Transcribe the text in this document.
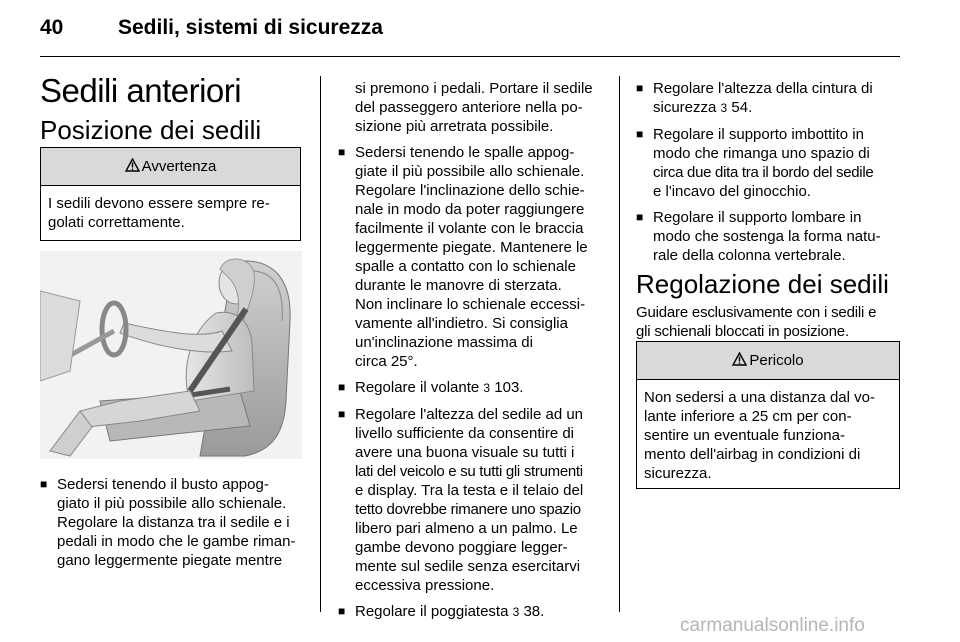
40	Sedili, sistemi di sicurezza
Sedili anteriori
Posizione dei sedili
Avvertenza
I sedili devono essere sempre re-
golati correttamente.
■ Sedersi tenendo il busto appog-
giato il più possibile allo schienale.
Regolare la distanza tra il sedile e i
pedali in modo che le gambe riman-
gano leggermente piegate mentre
si premono i pedali. Portare il sedile
del passeggero anteriore nella po-
sizione più arretrata possibile.
■ Sedersi tenendo le spalle appog-
giate il più possibile allo schienale.
Regolare l'inclinazione dello schie-
nale in modo da poter raggiungere
facilmente il volante con le braccia
leggermente piegate. Mantenere le
spalle a contatto con lo schienale
durante le manovre di sterzata.
Non inclinare lo schienale eccessi-
vamente all'indietro. Si consiglia
un'inclinazione massima di
circa 25°.
■ Regolare il volante 3 103.
■ Regolare l'altezza del sedile ad un
livello sufficiente da consentire di
avere una buona visuale su tutti i
lati del veicolo e su tutti gli strumenti
e display. Tra la testa e il telaio del
tetto dovrebbe rimanere uno spazio
libero pari almeno a un palmo. Le
gambe devono poggiare legger-
mente sul sedile senza esercitarvi
eccessiva pressione.
■ Regolare il poggiatesta 3 38.
■ Regolare l'altezza della cintura di
sicurezza 3 54.
■ Regolare il supporto imbottito in
modo che rimanga uno spazio di
circa due dita tra il bordo del sedile
e l'incavo del ginocchio.
■ Regolare il supporto lombare in
modo che sostenga la forma natu-
rale della colonna vertebrale.
Regolazione dei sedili
Guidare esclusivamente con i sedili e
gli schienali bloccati in posizione.
Pericolo
Non sedersi a una distanza dal vo-
lante inferiore a 25 cm per con-
sentire un eventuale funziona-
mento dell'airbag in condizioni di
sicurezza.
carmanualsonline.info
